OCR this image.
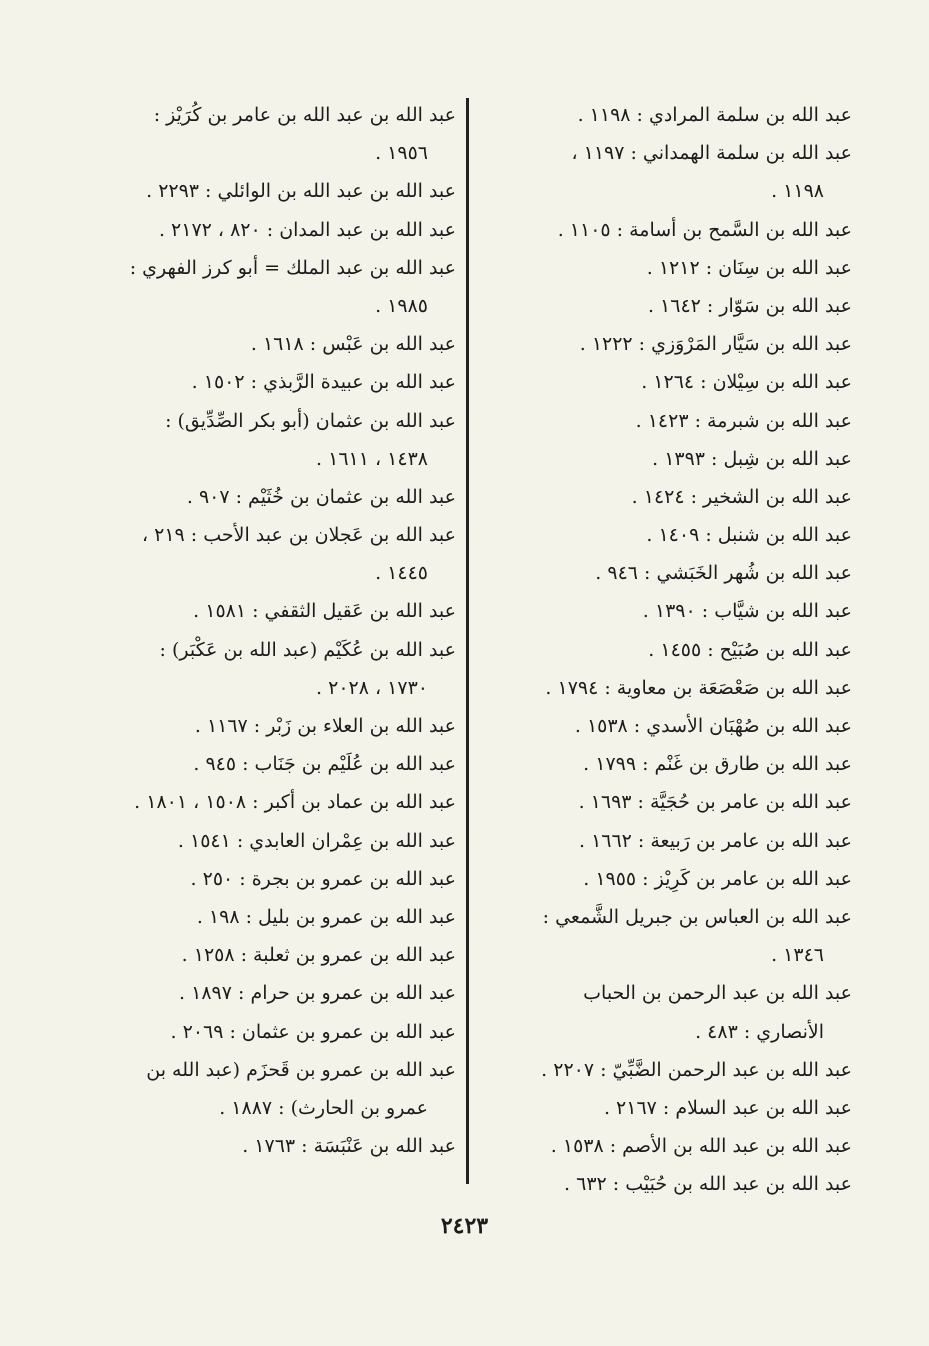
عبد الله بن سلمة المرادي : ١١٩٨ .
عبد الله بن سلمة الهمداني : ١١٩٧ ،
١١٩٨ .
عبد الله بن السَّمح بن أسامة : ١١٠٥ .
عبد الله بن سِنَان : ١٢١٢ .
عبد الله بن سَوّار : ١٦٤٢ .
عبد الله بن سَيَّار المَرْوَزي : ١٢٢٢ .
عبد الله بن سِيْلان : ١٢٦٤ .
عبد الله بن شبرمة : ١٤٢٣ .
عبد الله بن شِبل : ١٣٩٣ .
عبد الله بن الشخير : ١٤٢٤ .
عبد الله بن شنبل : ١٤٠٩ .
عبد الله بن شُهر الخَبَشي : ٩٤٦ .
عبد الله بن شيَّاب : ١٣٩٠ .
عبد الله بن صُبَيْح : ١٤٥٥ .
عبد الله بن صَعْصَعَة بن معاوية : ١٧٩٤ .
عبد الله بن صُهْبَان الأسدي : ١٥٣٨ .
عبد الله بن طارق بن غَنْم : ١٧٩٩ .
عبد الله بن عامر بن حُجَيَّة : ١٦٩٣ .
عبد الله بن عامر بن رَبيعة : ١٦٦٢ .
عبد الله بن عامر بن كَرِيْز : ١٩٥٥ .
عبد الله بن العباس بن جبريل الشَّمعي :
١٣٤٦ .
عبد الله بن عبد الرحمن بن الحباب
الأنصاري : ٤٨٣ .
عبد الله بن عبد الرحمن الضَّبِّيّ : ٢٢٠٧ .
عبد الله بن عبد السلام : ٢١٦٧ .
عبد الله بن عبد الله بن الأصم : ١٥٣٨ .
عبد الله بن عبد الله بن حُبَيْب : ٦٣٢ .
عبد الله بن عبد الله بن عامر بن كُرَيْز :
١٩٥٦ .
عبد الله بن عبد الله بن الوائلي : ٢٢٩٣ .
عبد الله بن عبد المدان : ٨٢٠ ، ٢١٧٢ .
عبد الله بن عبد الملك = أبو كرز الفهري :
١٩٨٥ .
عبد الله بن عَبْس : ١٦١٨ .
عبد الله بن عبيدة الرَّبذي : ١٥٠٢ .
عبد الله بن عثمان (أبو بكر الصِّدِّيق) :
١٤٣٨ ، ١٦١١ .
عبد الله بن عثمان بن خُثَيْم : ٩٠٧ .
عبد الله بن عَجلان بن عبد الأحب : ٢١٩ ،
١٤٤٥ .
عبد الله بن عَقيل الثقفي : ١٥٨١ .
عبد الله بن عُكَيْم (عبد الله بن عَكْبَر) :
١٧٣٠ ، ٢٠٢٨ .
عبد الله بن العلاء بن زَبْر : ١١٦٧ .
عبد الله بن عُلَيْم بن جَنَاب : ٩٤٥ .
عبد الله بن عماد بن أكبر : ١٥٠٨ ، ١٨٠١ .
عبد الله بن عِمْران العابدي : ١٥٤١ .
عبد الله بن عمرو بن بجرة : ٢٥٠ .
عبد الله بن عمرو بن بليل : ١٩٨ .
عبد الله بن عمرو بن ثعلبة : ١٢٥٨ .
عبد الله بن عمرو بن حرام : ١٨٩٧ .
عبد الله بن عمرو بن عثمان : ٢٠٦٩ .
عبد الله بن عمرو بن قَحزَم (عبد الله بن
عمرو بن الحارث) : ١٨٨٧ .
عبد الله بن عَنْبَسَة : ١٧٦٣ .
٢٤٢٣
